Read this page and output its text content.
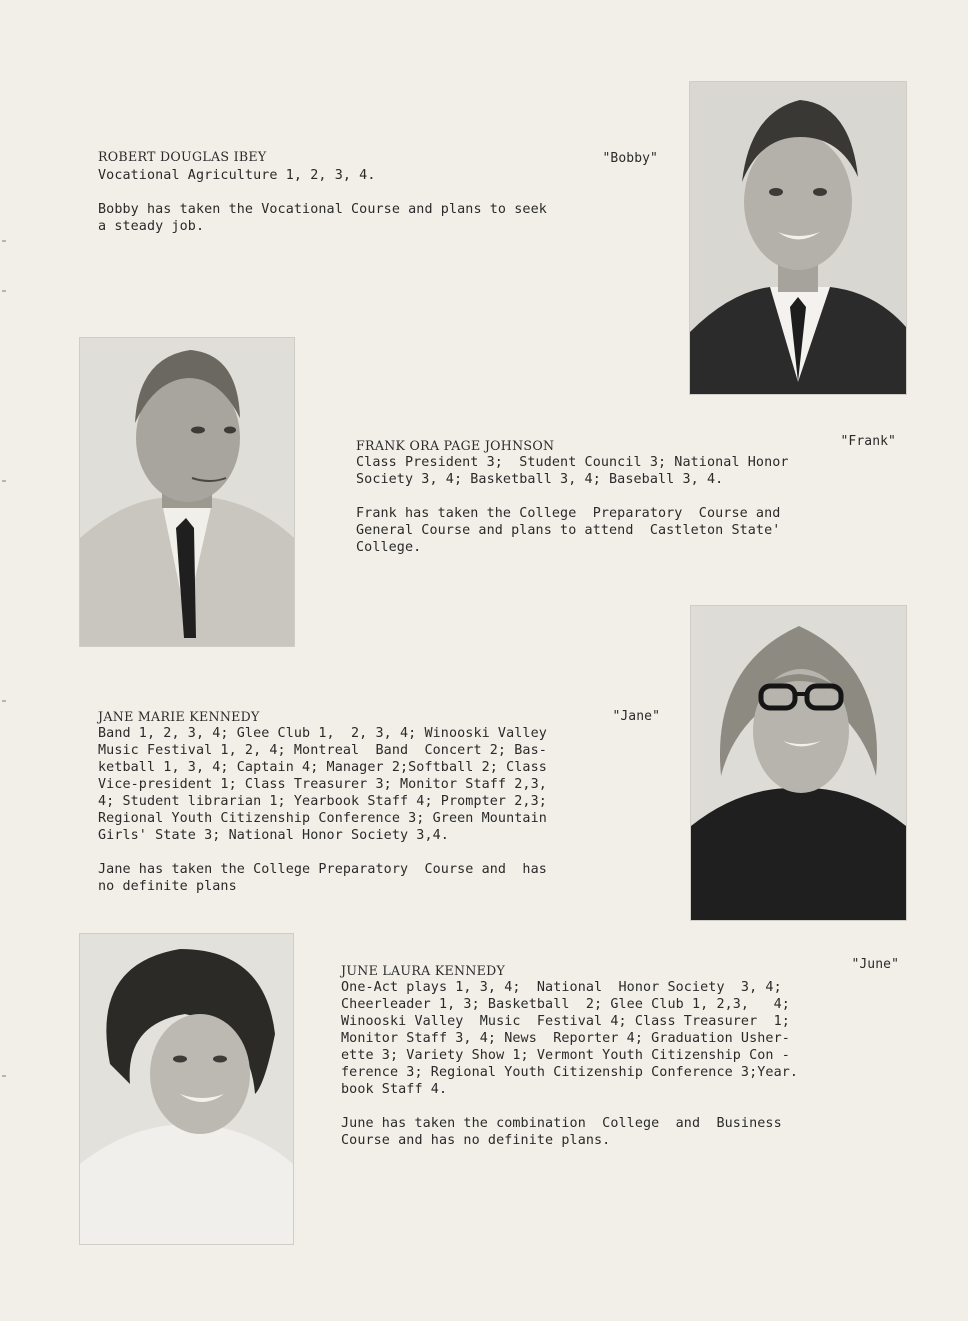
ROBERT DOUGLAS IBEY	"Bobby"
Vocational Agriculture 1, 2, 3, 4.
Bobby has taken the Vocational Course and plans to seek
a steady job.
FRANK ORA PAGE JOHNSON	"Frank"
Class President 3;  Student Council 3; National Honor
Society 3, 4; Basketball 3, 4; Baseball 3, 4.
Frank has taken the College  Preparatory  Course and
General Course and plans to attend  Castleton State'
College.
JANE MARIE KENNEDY	"Jane"
Band 1, 2, 3, 4; Glee Club 1,  2, 3, 4; Winooski Valley
Music Festival 1, 2, 4; Montreal  Band  Concert 2; Bas-
ketball 1, 3, 4; Captain 4; Manager 2;Softball 2; Class
Vice-president 1; Class Treasurer 3; Monitor Staff 2,3,
4; Student librarian 1; Yearbook Staff 4; Prompter 2,3;
Regional Youth Citizenship Conference 3; Green Mountain
Girls' State 3; National Honor Society 3,4.
Jane has taken the College Preparatory  Course and  has
no definite plans
JUNE LAURA KENNEDY	"June"
One-Act plays 1, 3, 4;  National  Honor Society  3, 4;
Cheerleader 1, 3; Basketball  2; Glee Club 1, 2,3,   4;
Winooski Valley  Music  Festival 4; Class Treasurer  1;
Monitor Staff 3, 4; News  Reporter 4; Graduation Usher-
ette 3; Variety Show 1; Vermont Youth Citizenship Con -
ference 3; Regional Youth Citizenship Conference 3;Year.
book Staff 4.
June has taken the combination  College  and  Business
Course and has no definite plans.
